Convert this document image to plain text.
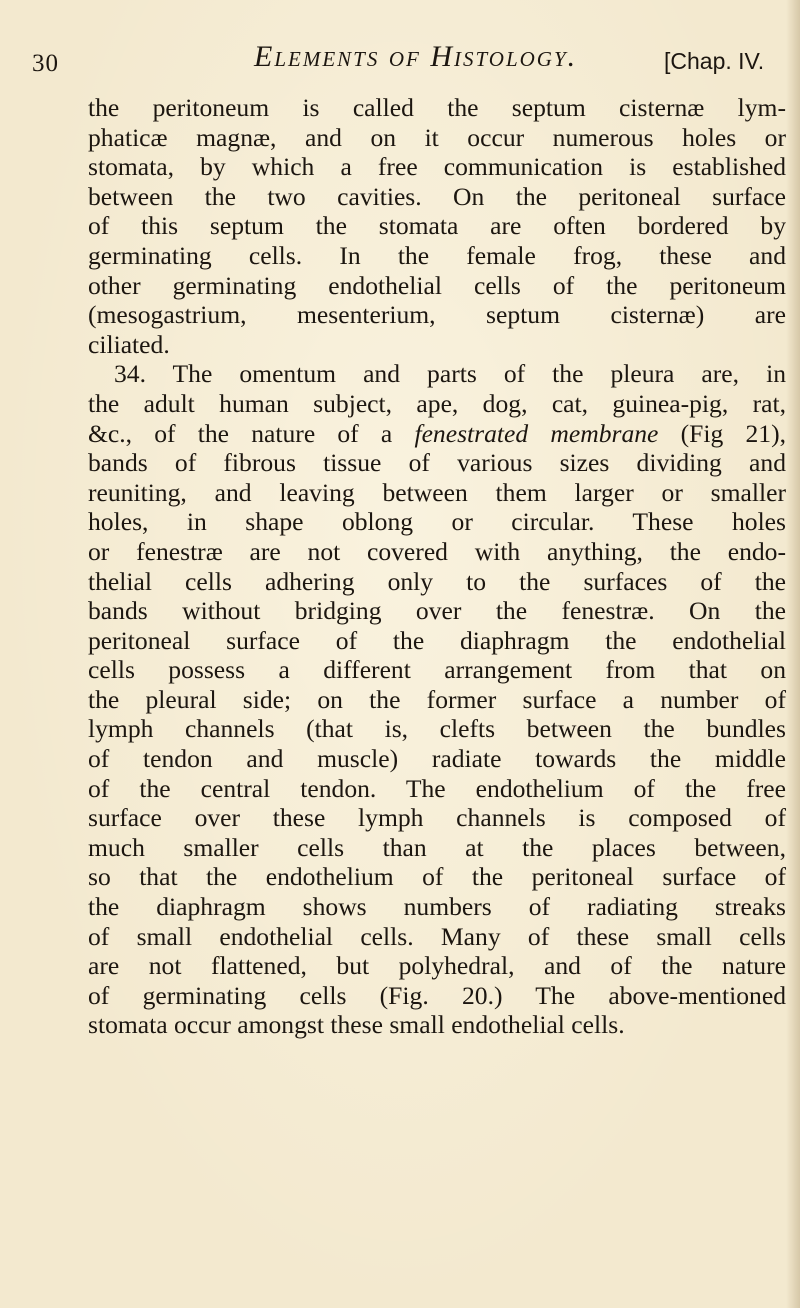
30	Elements of Histology.	[Chap. IV.
the peritoneum is called the septum cisternæ lym-
phaticæ magnæ, and on it occur numerous holes or
stomata, by which a free communication is established
between the two cavities. On the peritoneal surface
of this septum the stomata are often bordered by
germinating cells. In the female frog, these and
other germinating endothelial cells of the peritoneum
(mesogastrium, mesenterium, septum cisternæ) are
ciliated.
34. The omentum and parts of the pleura are, in
the adult human subject, ape, dog, cat, guinea-pig, rat,
&c., of the nature of a fenestrated membrane (Fig 21),
bands of fibrous tissue of various sizes dividing and
reuniting, and leaving between them larger or smaller
holes, in shape oblong or circular. These holes
or fenestræ are not covered with anything, the endo-
thelial cells adhering only to the surfaces of the
bands without bridging over the fenestræ. On the
peritoneal surface of the diaphragm the endothelial
cells possess a different arrangement from that on
the pleural side; on the former surface a number of
lymph channels (that is, clefts between the bundles
of tendon and muscle) radiate towards the middle
of the central tendon. The endothelium of the free
surface over these lymph channels is composed of
much smaller cells than at the places between,
so that the endothelium of the peritoneal surface of
the diaphragm shows numbers of radiating streaks
of small endothelial cells. Many of these small cells
are not flattened, but polyhedral, and of the nature
of germinating cells (Fig. 20.) The above-mentioned
stomata occur amongst these small endothelial cells.
